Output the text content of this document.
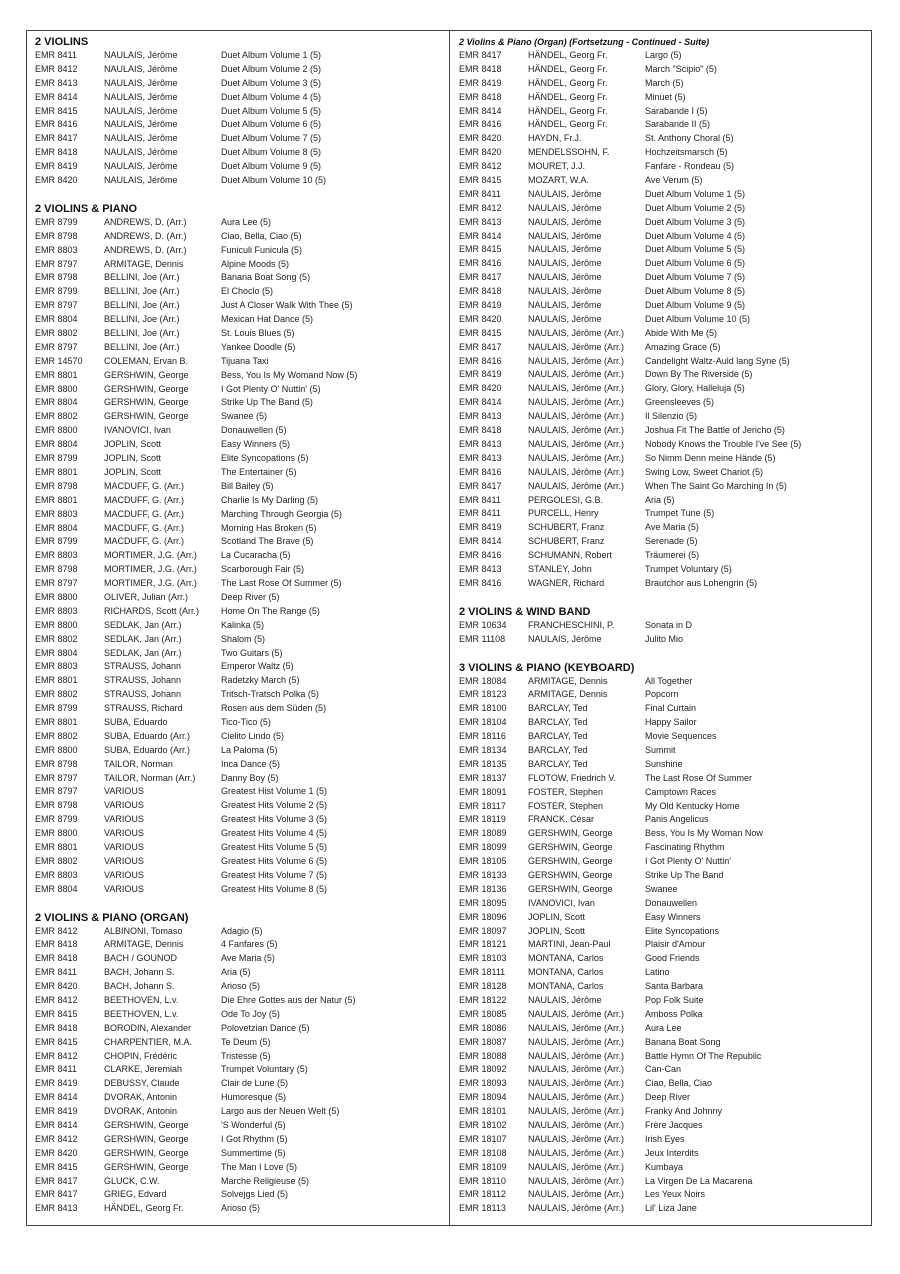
2 VIOLINS
EMR 8411	NAULAIS, Jérôme	Duet Album Volume 1 (5)
EMR 8412	NAULAIS, Jérôme	Duet Album Volume 2 (5)
EMR 8413	NAULAIS, Jérôme	Duet Album Volume 3 (5)
EMR 8414	NAULAIS, Jérôme	Duet Album Volume 4 (5)
EMR 8415	NAULAIS, Jérôme	Duet Album Volume 5 (5)
EMR 8416	NAULAIS, Jérôme	Duet Album Volume 6 (5)
EMR 8417	NAULAIS, Jérôme	Duet Album Volume 7 (5)
EMR 8418	NAULAIS, Jérôme	Duet Album Volume 8 (5)
EMR 8419	NAULAIS, Jérôme	Duet Album Volume 9 (5)
EMR 8420	NAULAIS, Jérôme	Duet Album Volume 10 (5)
2 VIOLINS & PIANO
EMR 8799	ANDREWS, D. (Arr.)	Aura Lee (5)
EMR 8798	ANDREWS, D. (Arr.)	Ciao, Bella, Ciao (5)
EMR 8803	ANDREWS, D. (Arr.)	Funiculi Funicula (5)
EMR 8797	ARMITAGE, Dennis	Alpine Moods (5)
EMR 8798	BELLINI, Joe (Arr.)	Banana Boat Song (5)
EMR 8799	BELLINI, Joe (Arr.)	El Choclo (5)
EMR 8797	BELLINI, Joe (Arr.)	Just A Closer Walk With Thee (5)
EMR 8804	BELLINI, Joe (Arr.)	Mexican Hat Dance (5)
EMR 8802	BELLINI, Joe (Arr.)	St. Louis Blues (5)
EMR 8797	BELLINI, Joe (Arr.)	Yankee Doodle (5)
EMR 14570	COLEMAN, Ervan B.	Tijuana Taxi
EMR 8801	GERSHWIN, George	Bess, You Is My Womand Now (5)
EMR 8800	GERSHWIN, George	I Got Plenty O' Nuttin' (5)
EMR 8804	GERSHWIN, George	Strike Up The Band (5)
EMR 8802	GERSHWIN, George	Swanee (5)
EMR 8800	IVANOVICI, Ivan	Donauwellen (5)
EMR 8804	JOPLIN, Scott	Easy Winners (5)
EMR 8799	JOPLIN, Scott	Elite Syncopations (5)
EMR 8801	JOPLIN, Scott	The Entertainer (5)
EMR 8798	MACDUFF, G. (Arr.)	Bill Bailey (5)
EMR 8801	MACDUFF, G. (Arr.)	Charlie Is My Darling (5)
EMR 8803	MACDUFF, G. (Arr.)	Marching Through Georgia (5)
EMR 8804	MACDUFF, G. (Arr.)	Morning Has Broken (5)
EMR 8799	MACDUFF, G. (Arr.)	Scotland The Brave (5)
EMR 8803	MORTIMER, J.G. (Arr.)	La Cucaracha (5)
EMR 8798	MORTIMER, J.G. (Arr.)	Scarborough Fair (5)
EMR 8797	MORTIMER, J.G. (Arr.)	The Last Rose Of Summer (5)
EMR 8800	OLIVER, Julian (Arr.)	Deep River (5)
EMR 8803	RICHARDS, Scott (Arr.)	Home On The Range (5)
EMR 8800	SEDLAK, Jan (Arr.)	Kalinka (5)
EMR 8802	SEDLAK, Jan (Arr.)	Shalom (5)
EMR 8804	SEDLAK, Jan (Arr.)	Two Guitars (5)
EMR 8803	STRAUSS, Johann	Emperor Waltz (5)
EMR 8801	STRAUSS, Johann	Radetzky March (5)
EMR 8802	STRAUSS, Johann	Tritsch-Tratsch Polka (5)
EMR 8799	STRAUSS, Richard	Rosen aus dem Süden (5)
EMR 8801	SUBA, Eduardo	Tico-Tico (5)
EMR 8802	SUBA, Eduardo (Arr.)	Cielito Lindo (5)
EMR 8800	SUBA, Eduardo (Arr.)	La Paloma (5)
EMR 8798	TAILOR, Norman	Inca Dance (5)
EMR 8797	TAILOR, Norman (Arr.)	Danny Boy (5)
EMR 8797	VARIOUS	Greatest Hist Volume 1 (5)
EMR 8798	VARIOUS	Greatest Hits Volume 2 (5)
EMR 8799	VARIOUS	Greatest Hits Volume 3 (5)
EMR 8800	VARIOUS	Greatest Hits Volume 4 (5)
EMR 8801	VARIOUS	Greatest Hits Volume 5 (5)
EMR 8802	VARIOUS	Greatest Hits Volume 6 (5)
EMR 8803	VARIOUS	Greatest Hits Volume 7 (5)
EMR 8804	VARIOUS	Greatest Hits Volume 8 (5)
2 VIOLINS & PIANO (ORGAN)
EMR 8412	ALBINONI, Tomaso	Adagio (5)
EMR 8418	ARMITAGE, Dennis	4 Fanfares (5)
EMR 8418	BACH / GOUNOD	Ave Maria (5)
EMR 8411	BACH, Johann S.	Aria (5)
EMR 8420	BACH, Johann S.	Arioso (5)
EMR 8412	BEETHOVEN, L.v.	Die Ehre Gottes aus der Natur (5)
EMR 8415	BEETHOVEN, L.v.	Ode To Joy (5)
EMR 8418	BORODIN, Alexander	Polovetzian Dance (5)
EMR 8415	CHARPENTIER, M.A.	Te Deum (5)
EMR 8412	CHOPIN, Frédéric	Tristesse (5)
EMR 8411	CLARKE, Jeremiah	Trumpet Voluntary (5)
EMR 8419	DEBUSSY, Claude	Clair de Lune (5)
EMR 8414	DVORAK, Antonin	Humoresque (5)
EMR 8419	DVORAK, Antonin	Largo aus der Neuen Welt (5)
EMR 8414	GERSHWIN, George	'S Wonderful (5)
EMR 8412	GERSHWIN, George	I Got Rhythm (5)
EMR 8420	GERSHWIN, George	Summertime (5)
EMR 8415	GERSHWIN, George	The Man I Love (5)
EMR 8417	GLUCK, C.W.	Marche Religieuse (5)
EMR 8417	GRIEG, Edvard	Solvejgs Lied (5)
EMR 8413	HÄNDEL, Georg Fr.	Arioso (5)
2 Violins & Piano (Organ) (Fortsetzung - Continued - Suite)
EMR 8417	HÄNDEL, Georg Fr.	Largo (5)
EMR 8418	HÄNDEL, Georg Fr.	March "Scipio" (5)
EMR 8419	HÄNDEL, Georg Fr.	March (5)
EMR 8418	HÄNDEL, Georg Fr.	Minuet (5)
EMR 8414	HÄNDEL, Georg Fr.	Sarabande I (5)
EMR 8416	HÄNDEL, Georg Fr.	Sarabande II (5)
EMR 8420	HAYDN, Fr.J.	St. Anthony Choral (5)
EMR 8420	MENDELSSOHN, F.	Hochzeitsmarsch (5)
EMR 8412	MOURET, J.J.	Fanfare - Rondeau (5)
EMR 8415	MOZART, W.A.	Ave Verum (5)
EMR 8411	NAULAIS, Jérôme	Duet Album Volume 1 (5)
EMR 8412	NAULAIS, Jérôme	Duet Album Volume 2 (5)
EMR 8413	NAULAIS, Jérôme	Duet Album Volume 3 (5)
EMR 8414	NAULAIS, Jérôme	Duet Album Volume 4 (5)
EMR 8415	NAULAIS, Jérôme	Duet Album Volume 5 (5)
EMR 8416	NAULAIS, Jérôme	Duet Album Volume 6 (5)
EMR 8417	NAULAIS, Jérôme	Duet Album Volume 7 (5)
EMR 8418	NAULAIS, Jérôme	Duet Album Volume 8 (5)
EMR 8419	NAULAIS, Jérôme	Duet Album Volume 9 (5)
EMR 8420	NAULAIS, Jérôme	Duet Album Volume 10 (5)
EMR 8415	NAULAIS, Jérôme (Arr.)	Abide With Me (5)
EMR 8417	NAULAIS, Jérôme (Arr.)	Amazing Grace (5)
EMR 8416	NAULAIS, Jérôme (Arr.)	Candelight Waltz-Auld lang Syne (5)
EMR 8419	NAULAIS, Jérôme (Arr.)	Down By The Riverside (5)
EMR 8420	NAULAIS, Jérôme (Arr.)	Glory, Glory, Halleluja (5)
EMR 8414	NAULAIS, Jérôme (Arr.)	Greensleeves (5)
EMR 8413	NAULAIS, Jérôme (Arr.)	Il Silenzio (5)
EMR 8418	NAULAIS, Jérôme (Arr.)	Joshua Fit The Battle of Jericho (5)
EMR 8413	NAULAIS, Jérôme (Arr.)	Nobody Knows the Trouble I've See (5)
EMR 8413	NAULAIS, Jérôme (Arr.)	So Nimm Denn meine Hände (5)
EMR 8416	NAULAIS, Jérôme (Arr.)	Swing Low, Sweet Chariot (5)
EMR 8417	NAULAIS, Jérôme (Arr.)	When The Saint Go Marching In (5)
EMR 8411	PERGOLESI, G.B.	Aria (5)
EMR 8411	PURCELL, Henry	Trumpet Tune (5)
EMR 8419	SCHUBERT, Franz	Ave Maria (5)
EMR 8414	SCHUBERT, Franz	Serenade (5)
EMR 8416	SCHUMANN, Robert	Träumerei (5)
EMR 8413	STANLEY, John	Trumpet Voluntary (5)
EMR 8416	WAGNER, Richard	Brautchor aus Lohengrin (5)
2 VIOLINS & WIND BAND
EMR 10634	FRANCHESCHINI, P.	Sonata in D
EMR 11108	NAULAIS, Jérôme	Julito Mio
3 VIOLINS & PIANO (KEYBOARD)
EMR 18084	ARMITAGE, Dennis	All Together
EMR 18123	ARMITAGE, Dennis	Popcorn
EMR 18100	BARCLAY, Ted	Final Curtain
EMR 18104	BARCLAY, Ted	Happy Sailor
EMR 18116	BARCLAY, Ted	Movie Sequences
EMR 18134	BARCLAY, Ted	Summit
EMR 18135	BARCLAY, Ted	Sunshine
EMR 18137	FLOTOW, Friedrich V.	The Last Rose Of Summer
EMR 18091	FOSTER, Stephen	Camptown Races
EMR 18117	FOSTER, Stephen	My Old Kentucky Home
EMR 18119	FRANCK, César	Panis Angelicus
EMR 18089	GERSHWIN, George	Bess, You Is My Woman Now
EMR 18099	GERSHWIN, George	Fascinating Rhythm
EMR 18105	GERSHWIN, George	I Got Plenty O' Nuttin'
EMR 18133	GERSHWIN, George	Strike Up The Band
EMR 18136	GERSHWIN, George	Swanee
EMR 18095	IVANOVICI, Ivan	Donauwellen
EMR 18096	JOPLIN, Scott	Easy Winners
EMR 18097	JOPLIN, Scott	Elite Syncopations
EMR 18121	MARTINI, Jean-Paul	Plaisir d'Amour
EMR 18103	MONTANA, Carlos	Good Friends
EMR 18111	MONTANA, Carlos	Latino
EMR 18128	MONTANA, Carlos	Santa Barbara
EMR 18122	NAULAIS, Jérôme	Pop Folk Suite
EMR 18085	NAULAIS, Jérôme (Arr.)	Amboss Polka
EMR 18086	NAULAIS, Jérôme (Arr.)	Aura Lee
EMR 18087	NAULAIS, Jérôme (Arr.)	Banana Boat Song
EMR 18088	NAULAIS, Jérôme (Arr.)	Battle Hymn Of The Republic
EMR 18092	NAULAIS, Jérôme (Arr.)	Can-Can
EMR 18093	NAULAIS, Jérôme (Arr.)	Ciao, Bella, Ciao
EMR 18094	NAULAIS, Jérôme (Arr.)	Deep River
EMR 18101	NAULAIS, Jérôme (Arr.)	Franky And Johnny
EMR 18102	NAULAIS, Jérôme (Arr.)	Frère Jacques
EMR 18107	NAULAIS, Jérôme (Arr.)	Irish Eyes
EMR 18108	NAULAIS, Jérôme (Arr.)	Jeux Interdits
EMR 18109	NAULAIS, Jérôme (Arr.)	Kumbaya
EMR 18110	NAULAIS, Jérôme (Arr.)	La Virgen De La Macarena
EMR 18112	NAULAIS, Jérôme (Arr.)	Les Yeux Noirs
EMR 18113	NAULAIS, Jérôme (Arr.)	Lil' Liza Jane
